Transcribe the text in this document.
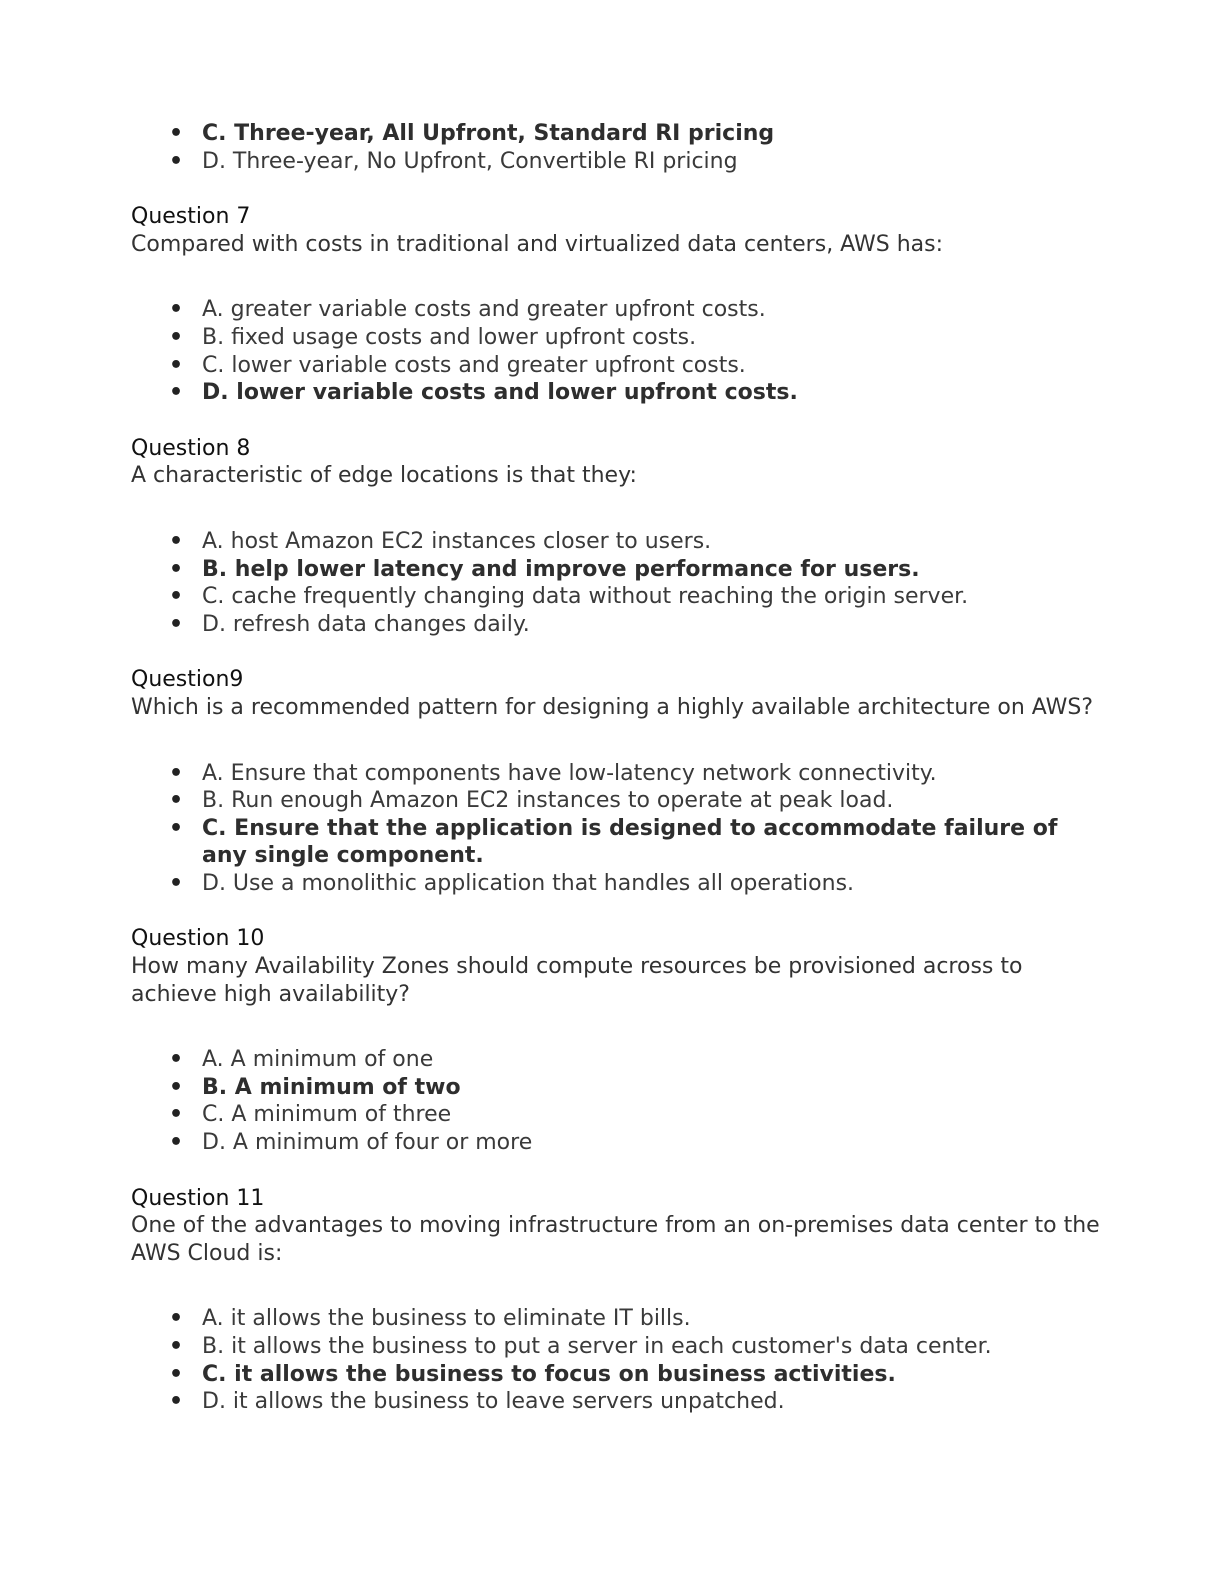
• C. Three-year, All Upfront, Standard RI pricing
• D. Three-year, No Upfront, Convertible RI pricing
Question 7
Compared with costs in traditional and virtualized data centers, AWS has:
• A. greater variable costs and greater upfront costs.
• B. fixed usage costs and lower upfront costs.
• C. lower variable costs and greater upfront costs.
• D. lower variable costs and lower upfront costs.
Question 8
A characteristic of edge locations is that they:
• A. host Amazon EC2 instances closer to users.
• B. help lower latency and improve performance for users.
• C. cache frequently changing data without reaching the origin server.
• D. refresh data changes daily.
Question9
Which is a recommended pattern for designing a highly available architecture on AWS?
• A. Ensure that components have low-latency network connectivity.
• B. Run enough Amazon EC2 instances to operate at peak load.
• C. Ensure that the application is designed to accommodate failure of any single component.
• D. Use a monolithic application that handles all operations.
Question 10
How many Availability Zones should compute resources be provisioned across to achieve high availability?
• A. A minimum of one
• B. A minimum of two
• C. A minimum of three
• D. A minimum of four or more
Question 11
One of the advantages to moving infrastructure from an on-premises data center to the AWS Cloud is:
• A. it allows the business to eliminate IT bills.
• B. it allows the business to put a server in each customer's data center.
• C. it allows the business to focus on business activities.
• D. it allows the business to leave servers unpatched.
